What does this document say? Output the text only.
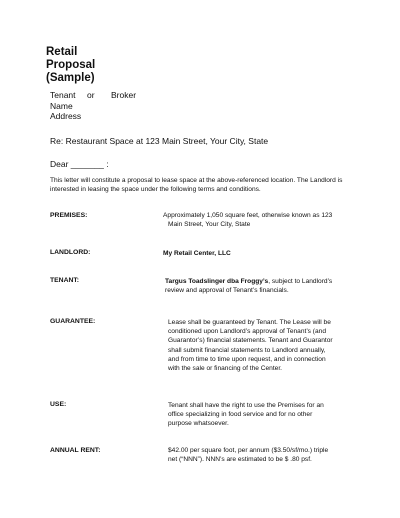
Retail
Proposal
(Sample)
Tenant or Broker
Name
Address
Re: Restaurant Space at 123 Main Street, Your City, State
Dear _______ :
This letter will constitute a proposal to lease space at the above-referenced location. The Landlord is interested in leasing the space under the following terms and conditions.
PREMISES:	Approximately 1,050 square feet, otherwise known as 123
Main Street, Your City, State
LANDLORD:	My Retail Center, LLC
TENANT:	Targus Toadslinger dba Froggy’s, subject to Landlord’s
review and approval of Tenant’s financials.
GUARANTEE:	Lease shall be guaranteed by Tenant. The Lease will be
conditioned upon Landlord’s approval of Tenant’s (and
Guarantor’s) financial statements. Tenant and Guarantor
shall submit financial statements to Landlord annually,
and from time to time upon request, and in connection
with the sale or financing of the Center.
USE:	Tenant shall have the right to use the Premises for an
office specializing in food service and for no other
purpose whatsoever.
ANNUAL RENT:	$42.00 per square foot, per annum ($3.50/sf/mo.) triple
net (“NNN”). NNN’s are estimated to be $ .80 psf.
